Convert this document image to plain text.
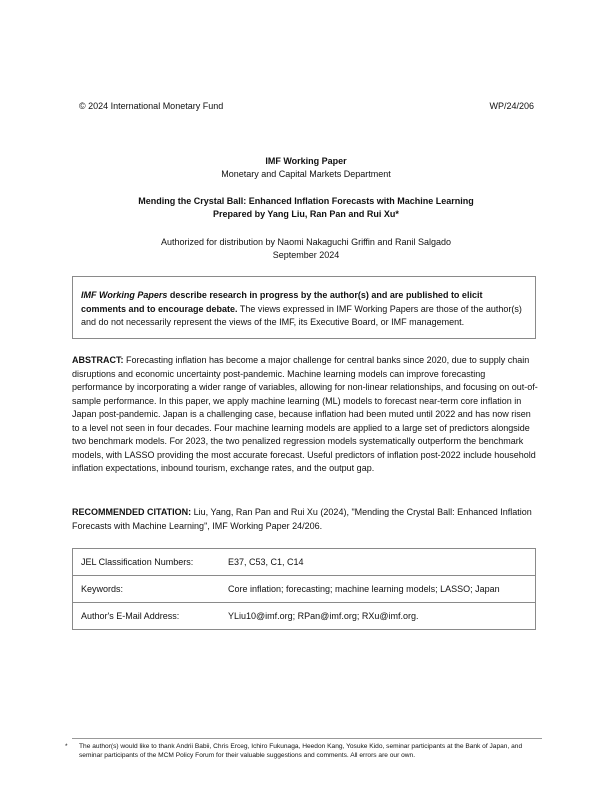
© 2024 International Monetary Fund	WP/24/206
IMF Working Paper
Monetary and Capital Markets Department
Mending the Crystal Ball: Enhanced Inflation Forecasts with Machine Learning
Prepared by Yang Liu, Ran Pan and Rui Xu*
Authorized for distribution by Naomi Nakaguchi Griffin and Ranil Salgado
September 2024
IMF Working Papers describe research in progress by the author(s) and are published to elicit comments and to encourage debate. The views expressed in IMF Working Papers are those of the author(s) and do not necessarily represent the views of the IMF, its Executive Board, or IMF management.

ABSTRACT: Forecasting inflation has become a major challenge for central banks since 2020, due to supply chain disruptions and economic uncertainty post-pandemic. Machine learning models can improve forecasting performance by incorporating a wider range of variables, allowing for non-linear relationships, and focusing on out-of-sample performance. In this paper, we apply machine learning (ML) models to forecast near-term core inflation in Japan post-pandemic. Japan is a challenging case, because inflation had been muted until 2022 and has now risen to a level not seen in four decades. Four machine learning models are applied to a large set of predictors alongside two benchmark models. For 2023, the two penalized regression models systematically outperform the benchmark models, with LASSO providing the most accurate forecast. Useful predictors of inflation post-2022 include household inflation expectations, inbound tourism, exchange rates, and the output gap.

RECOMMENDED CITATION: Liu, Yang, Ran Pan and Rui Xu (2024), "Mending the Crystal Ball: Enhanced Inflation Forecasts with Machine Learning", IMF Working Paper 24/206.

JEL Classification Numbers:	E37, C53, C1, C14
Keywords:	Core inflation; forecasting; machine learning models; LASSO; Japan
Author's E-Mail Address:	YLiu10@imf.org; RPan@imf.org; RXu@imf.org.
* The author(s) would like to thank Andrii Babii, Chris Erceg, Ichiro Fukunaga, Heedon Kang, Yosuke Kido, seminar participants at the Bank of Japan, and seminar participants of the MCM Policy Forum for their valuable suggestions and comments. All errors are our own.
